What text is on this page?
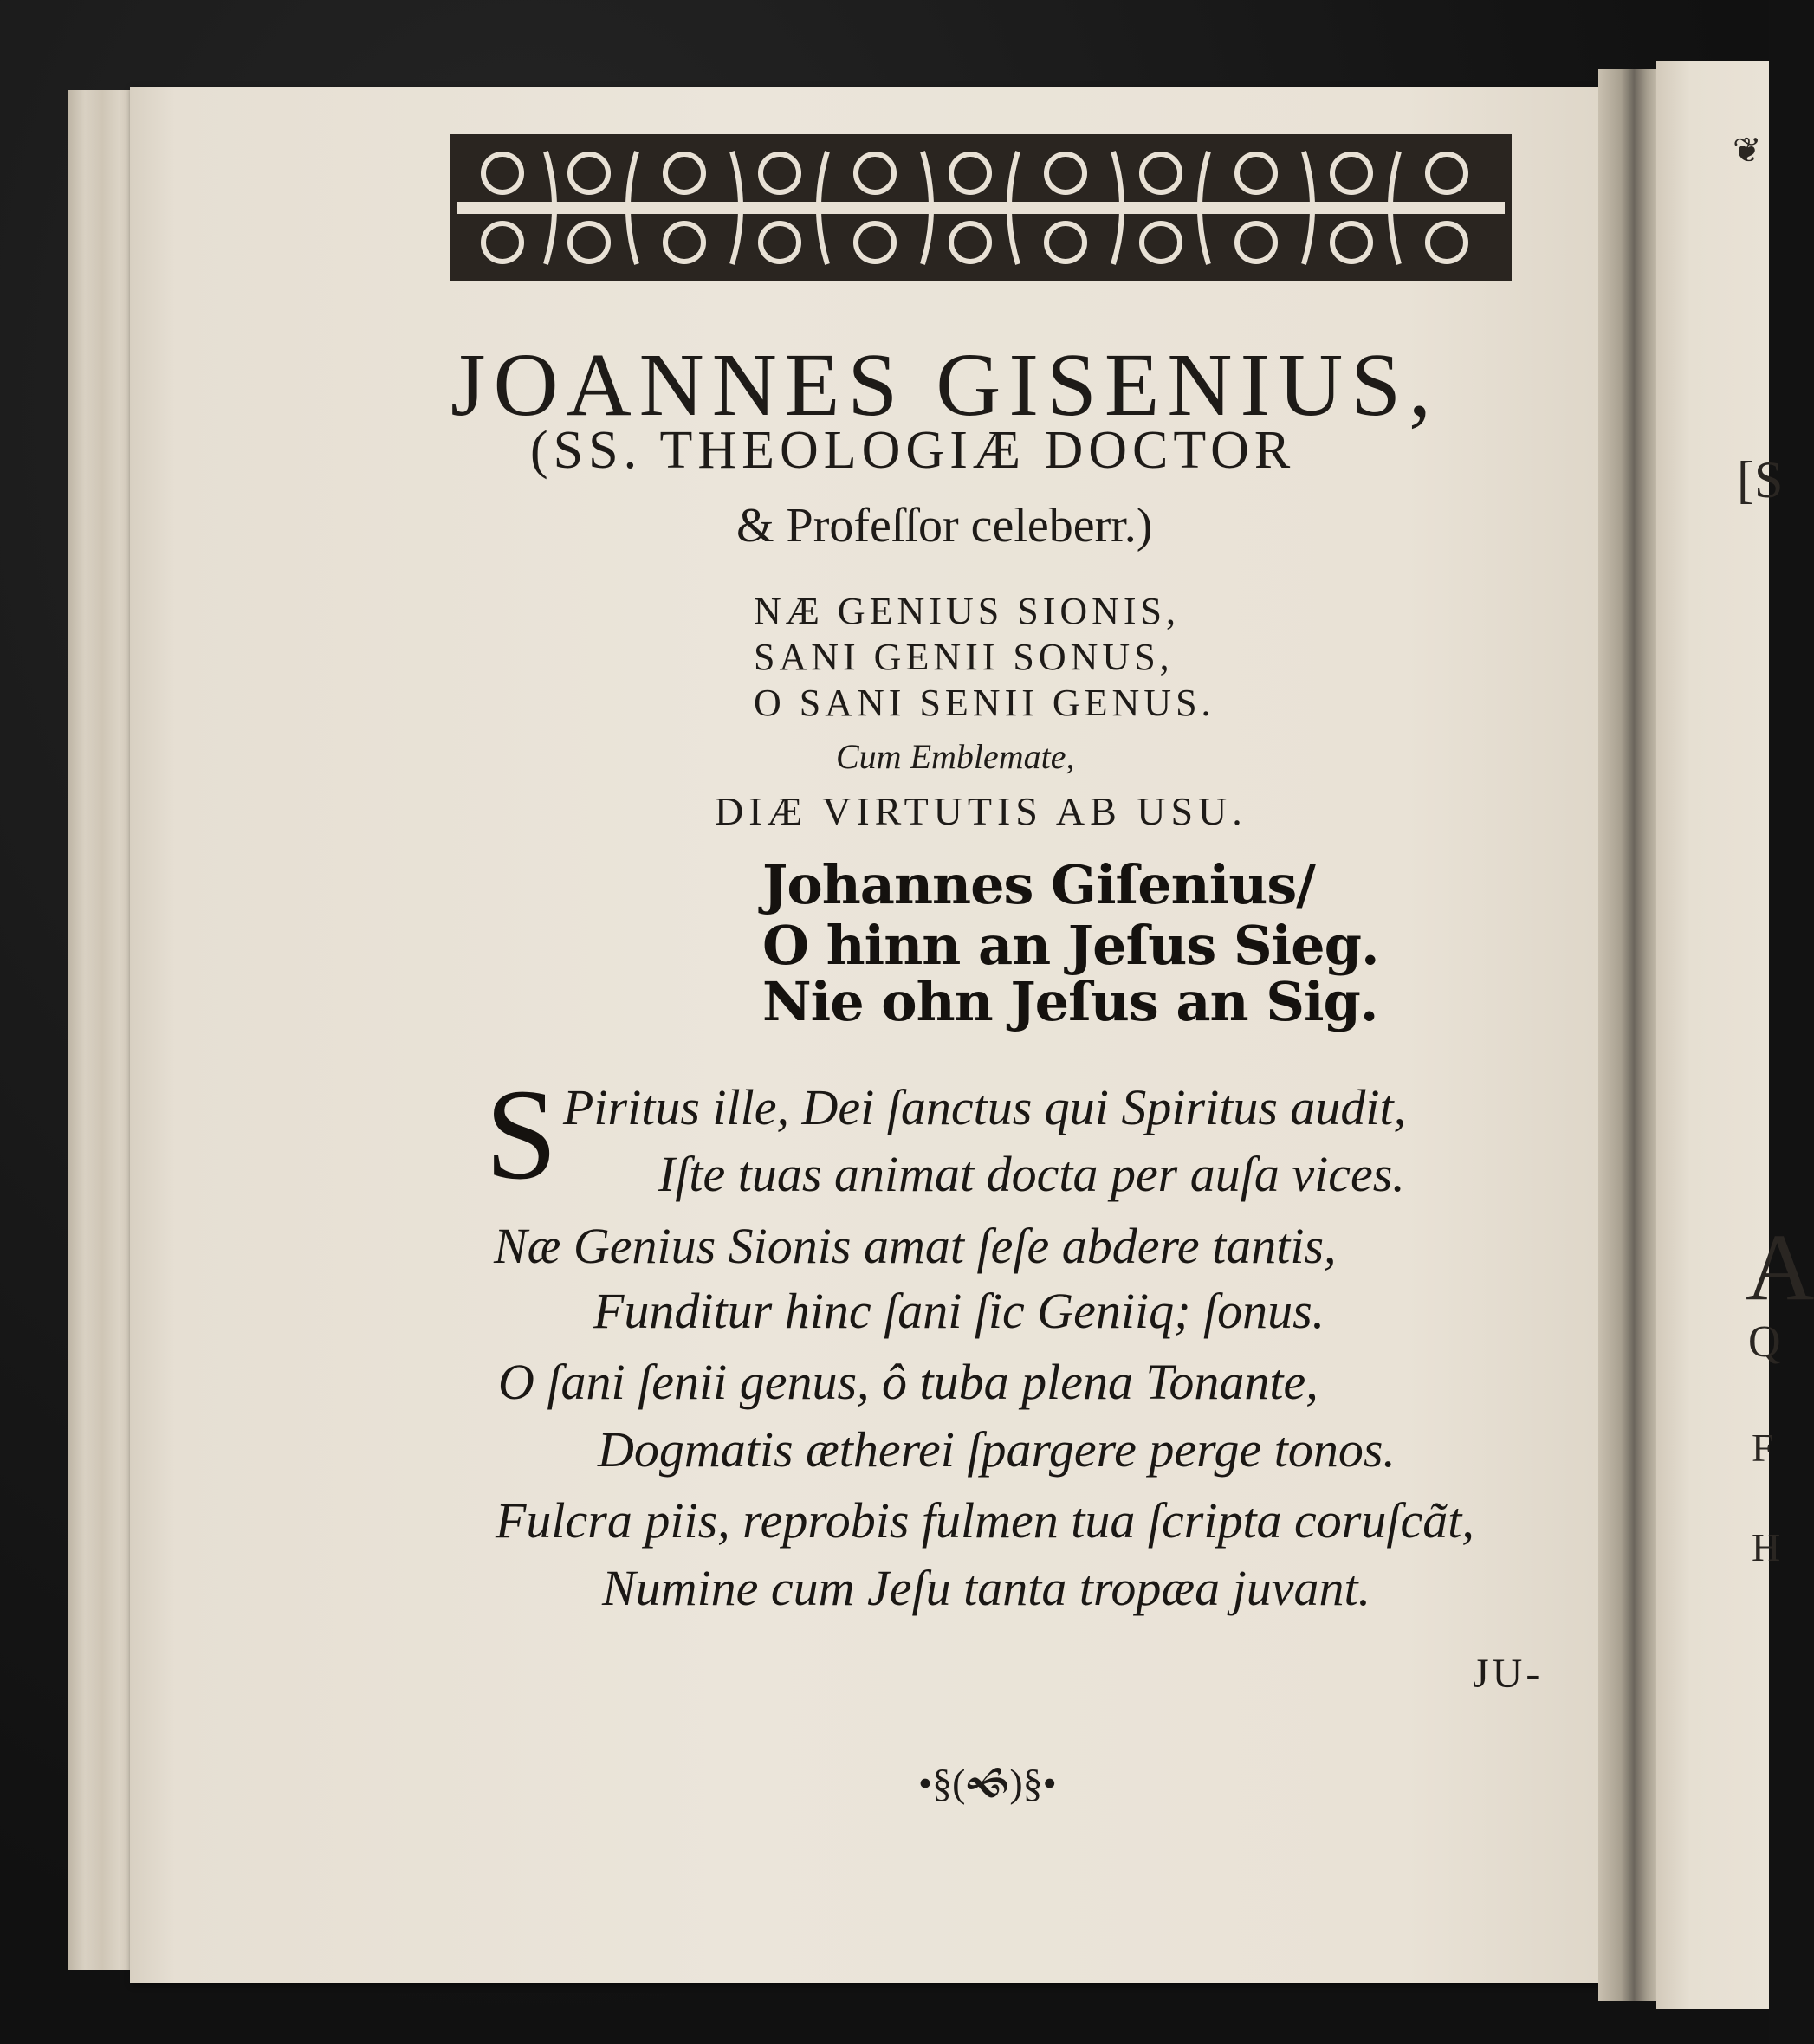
JOANNES GISENIUS,
(SS. THEOLOGIÆ DOCTOR
& Profeſſor celeberr.)
NÆ GENIUS SIONIS,
SANI GENII SONUS,
O SANI SENII GENUS.
Cum Emblemate,
DIÆ VIRTUTIS AB USU.
Johannes Giſenius/
O hinn an Jeſus Sieg.
Nie ohn Jeſus an Sig.
S Piritus ille, Dei ſanctus qui Spiritus audit,
Iſte tuas animat docta per auſa vices.
Næ Genius Sionis amat ſeſe abdere tantis,
Funditur hinc ſani ſic Geniiq; ſonus.
O ſani ſenii genus, ô tuba plena Tonante,
Dogmatis ætherei ſpargere perge tonos.
Fulcra piis, reprobis fulmen tua ſcripta coruſcãt,
Numine cum Jeſu tanta tropæa juvant.
JU-
•§(🙜)§•
❦
[S
A
Q
F
H
